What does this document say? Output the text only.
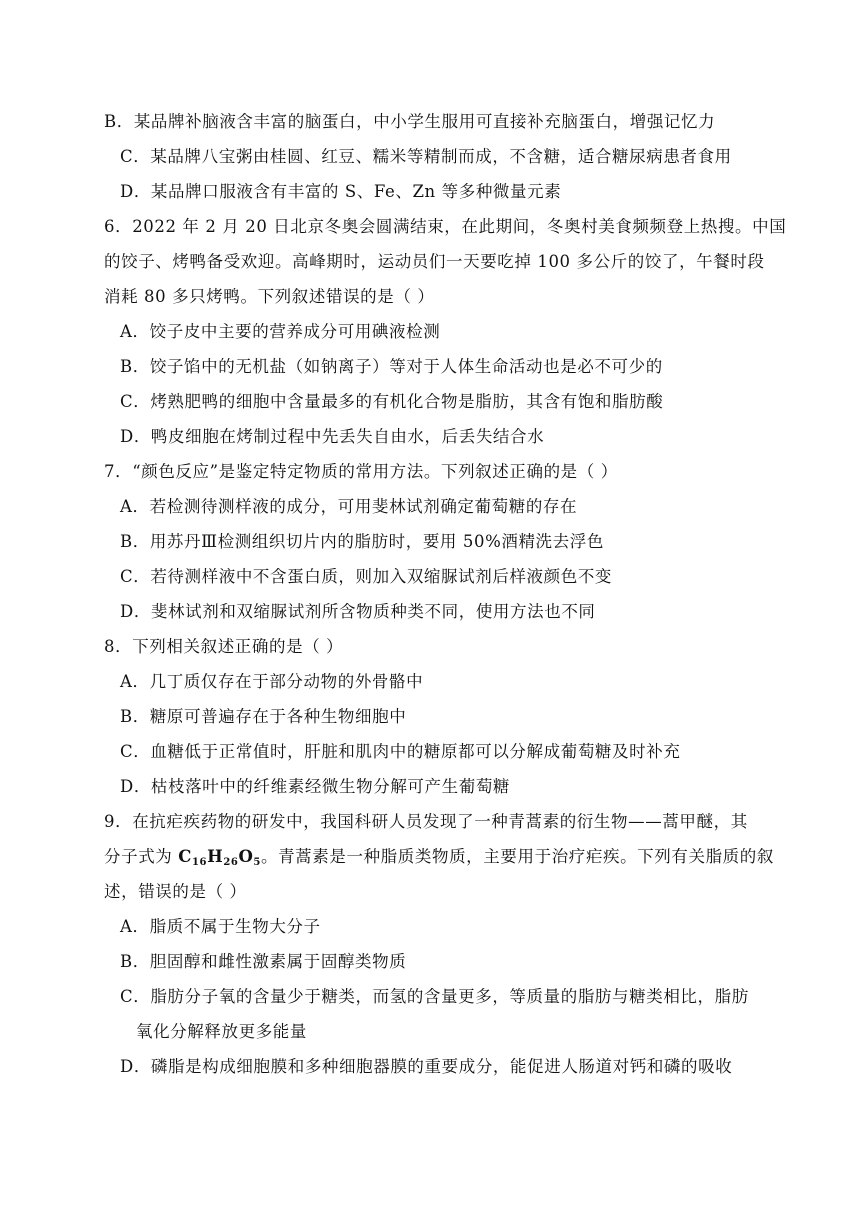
B．某品牌补脑液含丰富的脑蛋白，中小学生服用可直接补充脑蛋白，增强记忆力
C．某品牌八宝粥由桂圆、红豆、糯米等精制而成，不含糖，适合糖尿病患者食用
D．某品牌口服液含有丰富的 S、Fe、Zn 等多种微量元素
6．2022 年 2 月 20 日北京冬奥会圆满结束，在此期间，冬奥村美食频频登上热搜。中国
的饺子、烤鸭备受欢迎。高峰期时，运动员们一天要吃掉 100 多公斤的饺了，午餐时段
消耗 80 多只烤鸭。下列叙述错误的是（ ）
A．饺子皮中主要的营养成分可用碘液检测
B．饺子馅中的无机盐（如钠离子）等对于人体生命活动也是必不可少的
C．烤熟肥鸭的细胞中含量最多的有机化合物是脂肪，其含有饱和脂肪酸
D．鸭皮细胞在烤制过程中先丢失自由水，后丢失结合水
7．“颜色反应”是鉴定特定物质的常用方法。下列叙述正确的是（ ）
A．若检测待测样液的成分，可用斐林试剂确定葡萄糖的存在
B．用苏丹Ⅲ检测组织切片内的脂肪时，要用 50%酒精洗去浮色
C．若待测样液中不含蛋白质，则加入双缩脲试剂后样液颜色不变
D．斐林试剂和双缩脲试剂所含物质种类不同，使用方法也不同
8．下列相关叙述正确的是（ ）
A．几丁质仅存在于部分动物的外骨骼中
B．糖原可普遍存在于各种生物细胞中
C．血糖低于正常值时，肝脏和肌肉中的糖原都可以分解成葡萄糖及时补充
D．枯枝落叶中的纤维素经微生物分解可产生葡萄糖
9．在抗疟疾药物的研发中，我国科研人员发现了一种青蒿素的衍生物——蒿甲醚，其
分子式为 $C_{16}H_{26}O_5$。青蒿素是一种脂质类物质，主要用于治疗疟疾。下列有关脂质的叙
述，错误的是（ ）
A．脂质不属于生物大分子
B．胆固醇和雌性激素属于固醇类物质
C．脂肪分子氧的含量少于糖类，而氢的含量更多，等质量的脂肪与糖类相比，脂肪
氧化分解释放更多能量
D．磷脂是构成细胞膜和多种细胞器膜的重要成分，能促进人肠道对钙和磷的吸收
